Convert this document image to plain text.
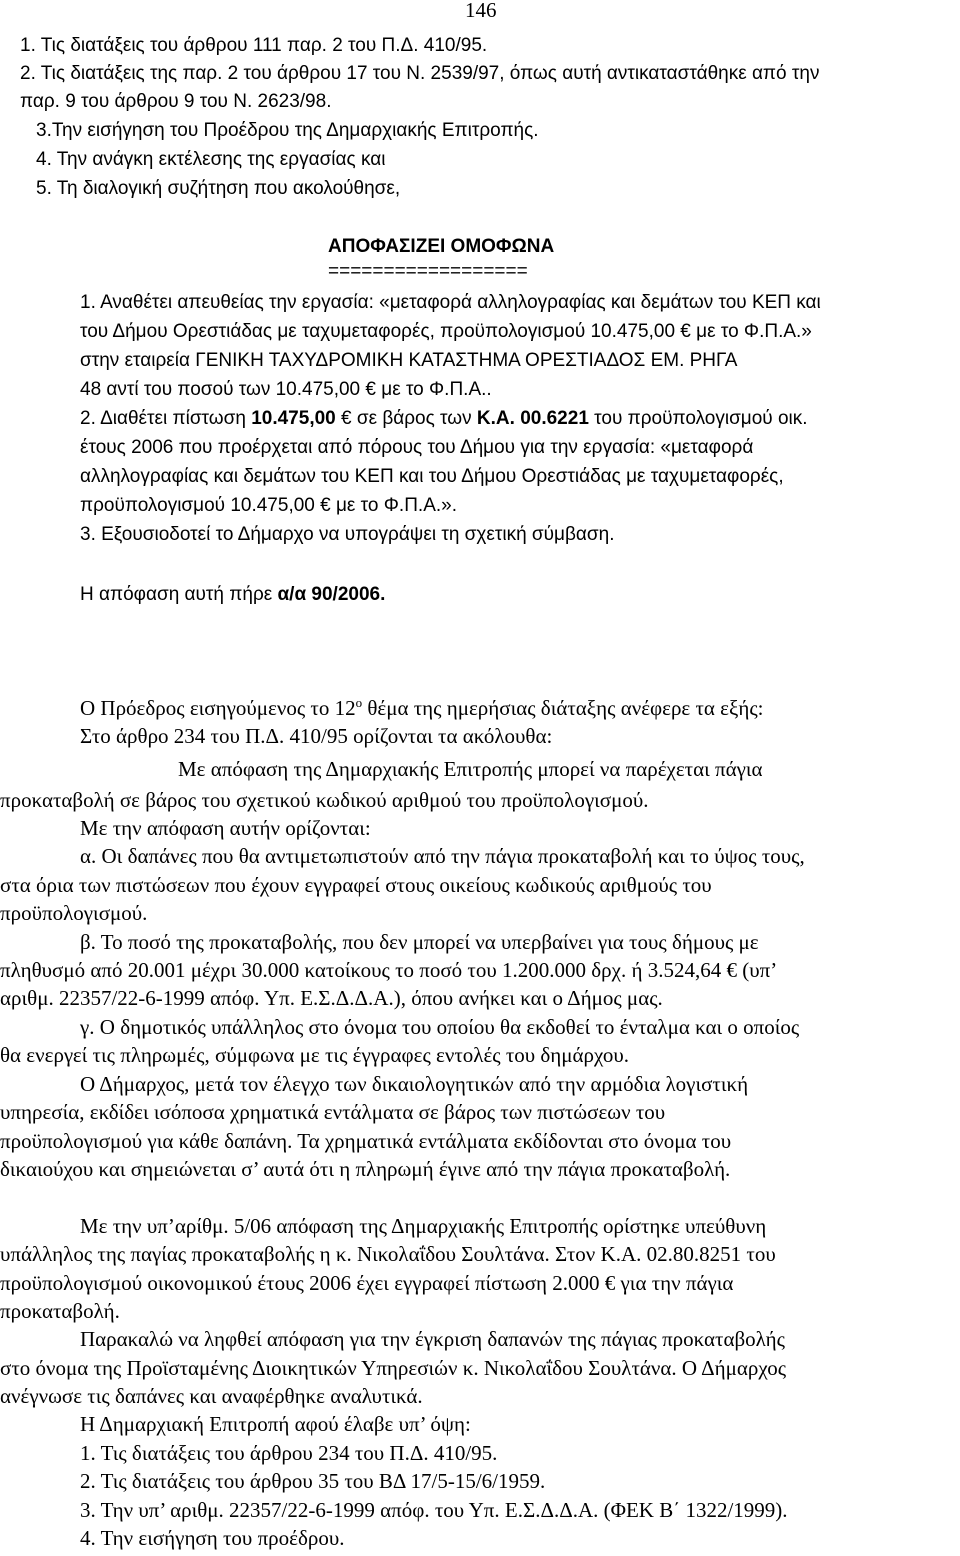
146
1. Τις διατάξεις του άρθρου 111 παρ. 2 του Π.Δ. 410/95.
2. Τις διατάξεις της παρ. 2 του άρθρου 17 του Ν. 2539/97, όπως αυτή αντικαταστάθηκε από την
παρ. 9 του άρθρου 9 του Ν. 2623/98.
3.Την εισήγηση του Προέδρου της Δημαρχιακής Επιτροπής.
4. Την ανάγκη εκτέλεσης της εργασίας και
5. Τη διαλογική συζήτηση που ακολούθησε,
ΑΠΟΦΑΣΙΖΕΙ ΟΜΟΦΩΝΑ
==================
1. Αναθέτει απευθείας την εργασία: «μεταφορά αλληλογραφίας και δεμάτων του ΚΕΠ και
του Δήμου Ορεστιάδας με ταχυμεταφορές, προϋπολογισμού 10.475,00 € με το Φ.Π.Α.»
στην εταιρεία ΓΕΝΙΚΗ ΤΑΧΥΔΡΟΜΙΚΗ ΚΑΤΑΣΤΗΜΑ ΟΡΕΣΤΙΑΔΟΣ ΕΜ. ΡΗΓΑ
48 αντί του ποσού των 10.475,00 € με το Φ.Π.Α..
2. Διαθέτει πίστωση 10.475,00 € σε βάρος των Κ.Α. 00.6221 του προϋπολογισμού οικ.
έτους 2006 που προέρχεται από πόρους του Δήμου για την εργασία: «μεταφορά
αλληλογραφίας και δεμάτων του ΚΕΠ και του Δήμου Ορεστιάδας με ταχυμεταφορές,
προϋπολογισμού 10.475,00 € με το Φ.Π.Α.».
3. Εξουσιοδοτεί το Δήμαρχο να υπογράψει τη σχετική σύμβαση.
Η απόφαση αυτή πήρε α/α 90/2006.
Ο Πρόεδρος εισηγούμενος το $12^o$ θέμα της ημερήσιας διάταξης ανέφερε τα εξής:
Στο άρθρο 234 του Π.Δ. 410/95 ορίζονται τα ακόλουθα:
Με απόφαση της Δημαρχιακής Επιτροπής μπορεί να παρέχεται πάγια
προκαταβολή σε βάρος του σχετικού κωδικού αριθμού του προϋπολογισμού.
Με την απόφαση αυτήν ορίζονται:
α. Οι δαπάνες που θα αντιμετωπιστούν από την πάγια προκαταβολή και το ύψος τους,
στα όρια των πιστώσεων που έχουν εγγραφεί στους οικείους κωδικούς αριθμούς του
προϋπολογισμού.
β. Το ποσό της προκαταβολής, που δεν μπορεί να υπερβαίνει για τους δήμους με
πληθυσμό από 20.001 μέχρι 30.000 κατοίκους το ποσό του 1.200.000 δρχ. ή 3.524,64 € (υπ’
αριθμ. 22357/22-6-1999 απόφ. Υπ. Ε.Σ.Δ.Δ.Α.), όπου ανήκει και ο Δήμος μας.
γ. Ο δημοτικός υπάλληλος στο όνομα του οποίου θα εκδοθεί το ένταλμα και ο οποίος
θα ενεργεί τις πληρωμές, σύμφωνα με τις έγγραφες εντολές του δημάρχου.
Ο Δήμαρχος, μετά τον έλεγχο των δικαιολογητικών από την αρμόδια λογιστική
υπηρεσία, εκδίδει ισόποσα χρηματικά εντάλματα σε βάρος των πιστώσεων του
προϋπολογισμού για κάθε δαπάνη. Τα χρηματικά εντάλματα εκδίδονται στο όνομα του
δικαιούχου και σημειώνεται σ’ αυτά ότι η πληρωμή έγινε από την πάγια προκαταβολή.
Με την υπ’αρίθμ. 5/06 απόφαση της Δημαρχιακής Επιτροπής ορίστηκε υπεύθυνη
υπάλληλος της παγίας προκαταβολής η κ. Νικολαΐδου Σουλτάνα. Στον Κ.Α. 02.80.8251 του
προϋπολογισμού οικονομικού έτους 2006 έχει εγγραφεί πίστωση 2.000 € για την πάγια
προκαταβολή.
Παρακαλώ να ληφθεί απόφαση για την έγκριση δαπανών της πάγιας προκαταβολής
στο όνομα της Προϊσταμένης Διοικητικών Υπηρεσιών κ. Νικολαΐδου Σουλτάνα. Ο Δήμαρχος
ανέγνωσε τις δαπάνες και αναφέρθηκε αναλυτικά.
Η Δημαρχιακή Επιτροπή αφού έλαβε υπ’ όψη:
1. Τις διατάξεις του άρθρου 234 του Π.Δ. 410/95.
2. Τις διατάξεις του άρθρου 35 του ΒΔ 17/5-15/6/1959.
3. Την υπ’ αριθμ. 22357/22-6-1999 απόφ. του Υπ. Ε.Σ.Δ.Δ.Α. (ΦΕΚ Β΄ 1322/1999).
4. Την εισήγηση του προέδρου.
